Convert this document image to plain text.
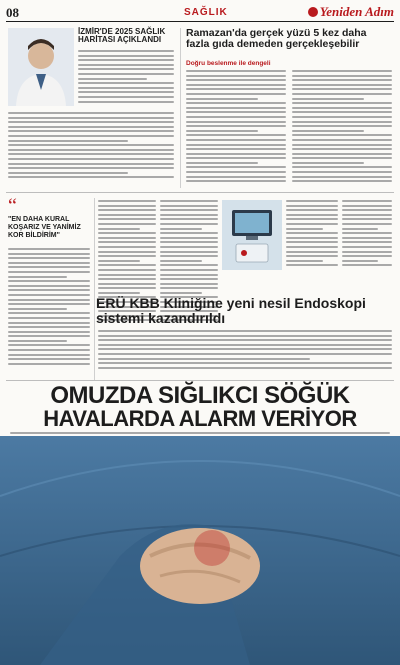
08	SAĞLIK	Yeniden Adım
İZMİR'DE 2025 SAĞLIK HARİTASI AÇIKLANDI
Ramazan'da gerçek yüzü 5 kez daha fazla gıda demeden gerçekleşebilir
Doğru beslenme ile dengeli
“
"EN DAHA KURAL KOŞARIZ VE YANİMİZ KOR BİLDİRİM"
ERÜ KBB Kliniğine yeni nesil Endoskopi sistemi kazandırıldı
OMUZDA SIĞLIKCI SÖĞÜK
HAVALARDA ALARM VERİYOR
